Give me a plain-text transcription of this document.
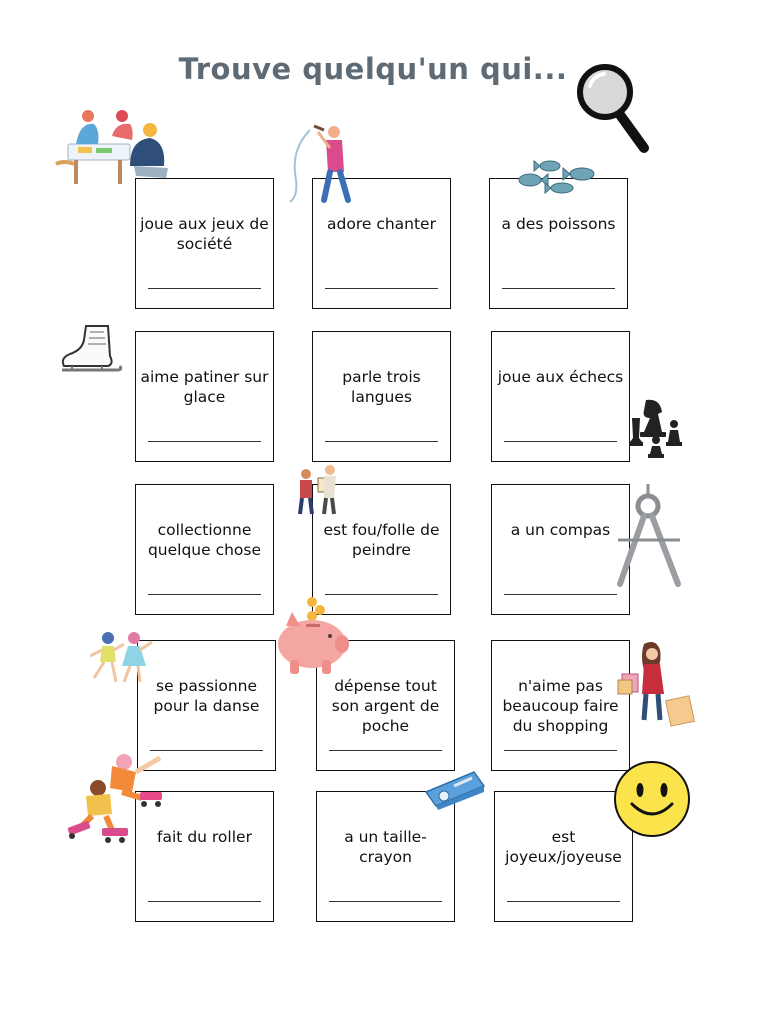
Trouve quelqu'un qui...
joue aux jeux de société
adore chanter	a des poissons
aime patiner sur glace
parle trois langues
joue aux échecs
collectionne quelque chose
est fou/folle de peindre
a un compas
se passionne pour la danse
dépense tout son argent de poche
n'aime pas beaucoup faire du shopping
fait du roller	a un taille-crayon
est joyeux/joyeuse
